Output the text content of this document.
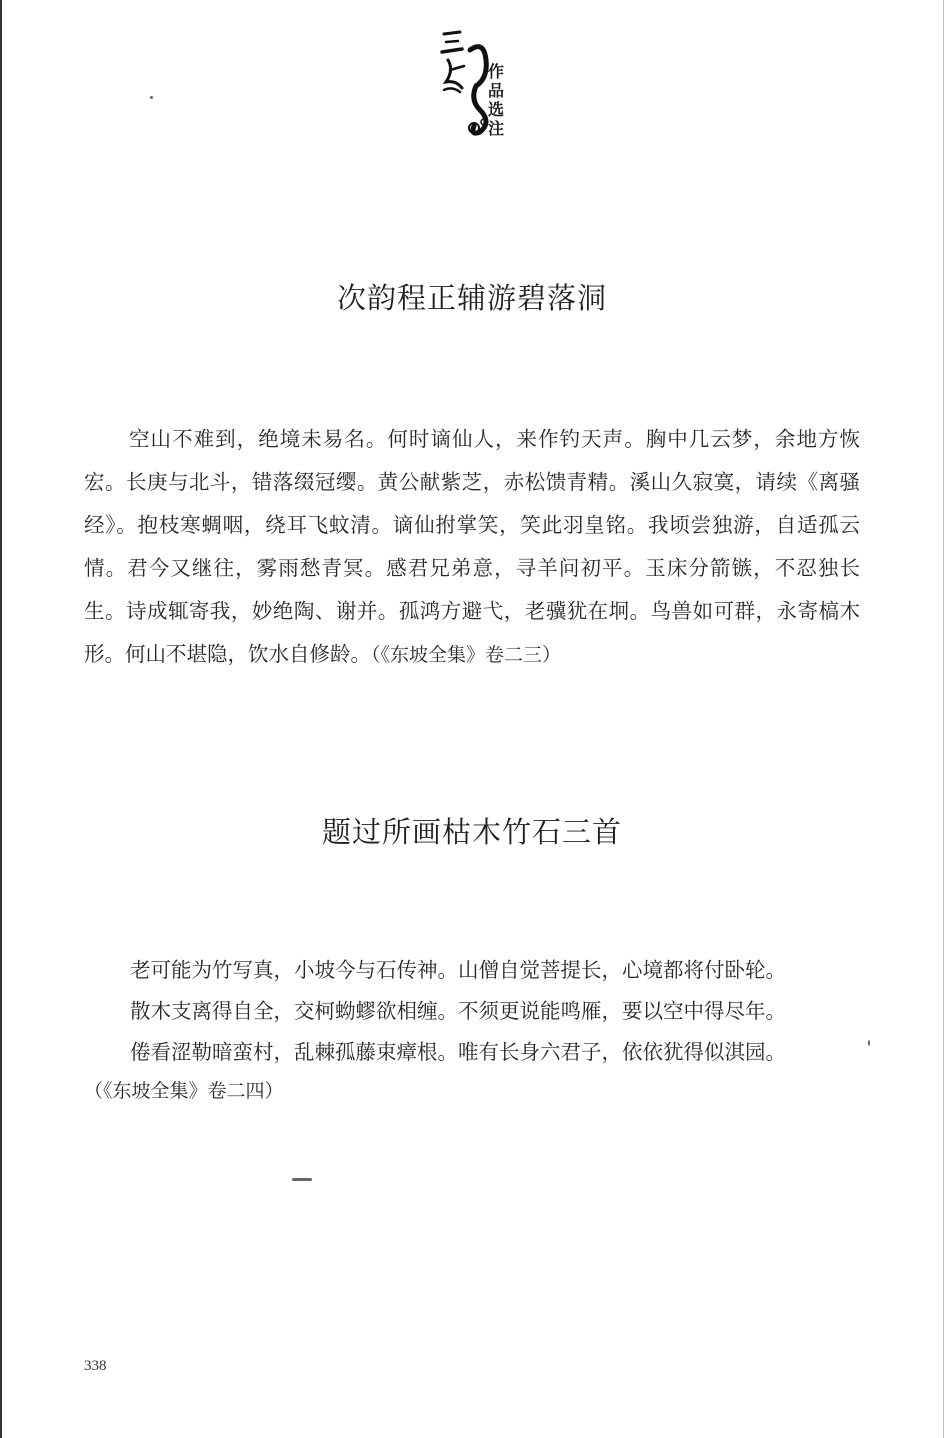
作
品
选
注
次韵程正辅游碧落洞
空山不难到，绝境未易名。何时谪仙人，来作钓天声。胸中几云梦，余地方恢宏。长庚与北斗，错落缀冠缨。黄公献紫芝，赤松馈青精。溪山久寂寞，请续《离骚经》。抱枝寒蜩咽，绕耳飞蚊清。谪仙拊掌笑，笑此羽皇铭。我顷尝独游，自适孤云情。君今又继往，雾雨愁青冥。感君兄弟意，寻羊问初平。玉床分箭镞，不忍独长生。诗成辄寄我，妙绝陶、谢并。孤鸿方避弋，老骥犹在坰。鸟兽如可群，永寄槁木形。何山不堪隐，饮水自修龄。（《东坡全集》卷二三）
题过所画枯木竹石三首
老可能为竹写真，小坡今与石传神。山僧自觉菩提长，心境都将付卧轮。
散木支离得自全，交柯蚴蟉欲相缠。不须更说能鸣雁，要以空中得尽年。
倦看涩勒暗蛮村，乱棘孤藤束瘴根。唯有长身六君子，依依犹得似淇园。
（《东坡全集》卷二四）
338
